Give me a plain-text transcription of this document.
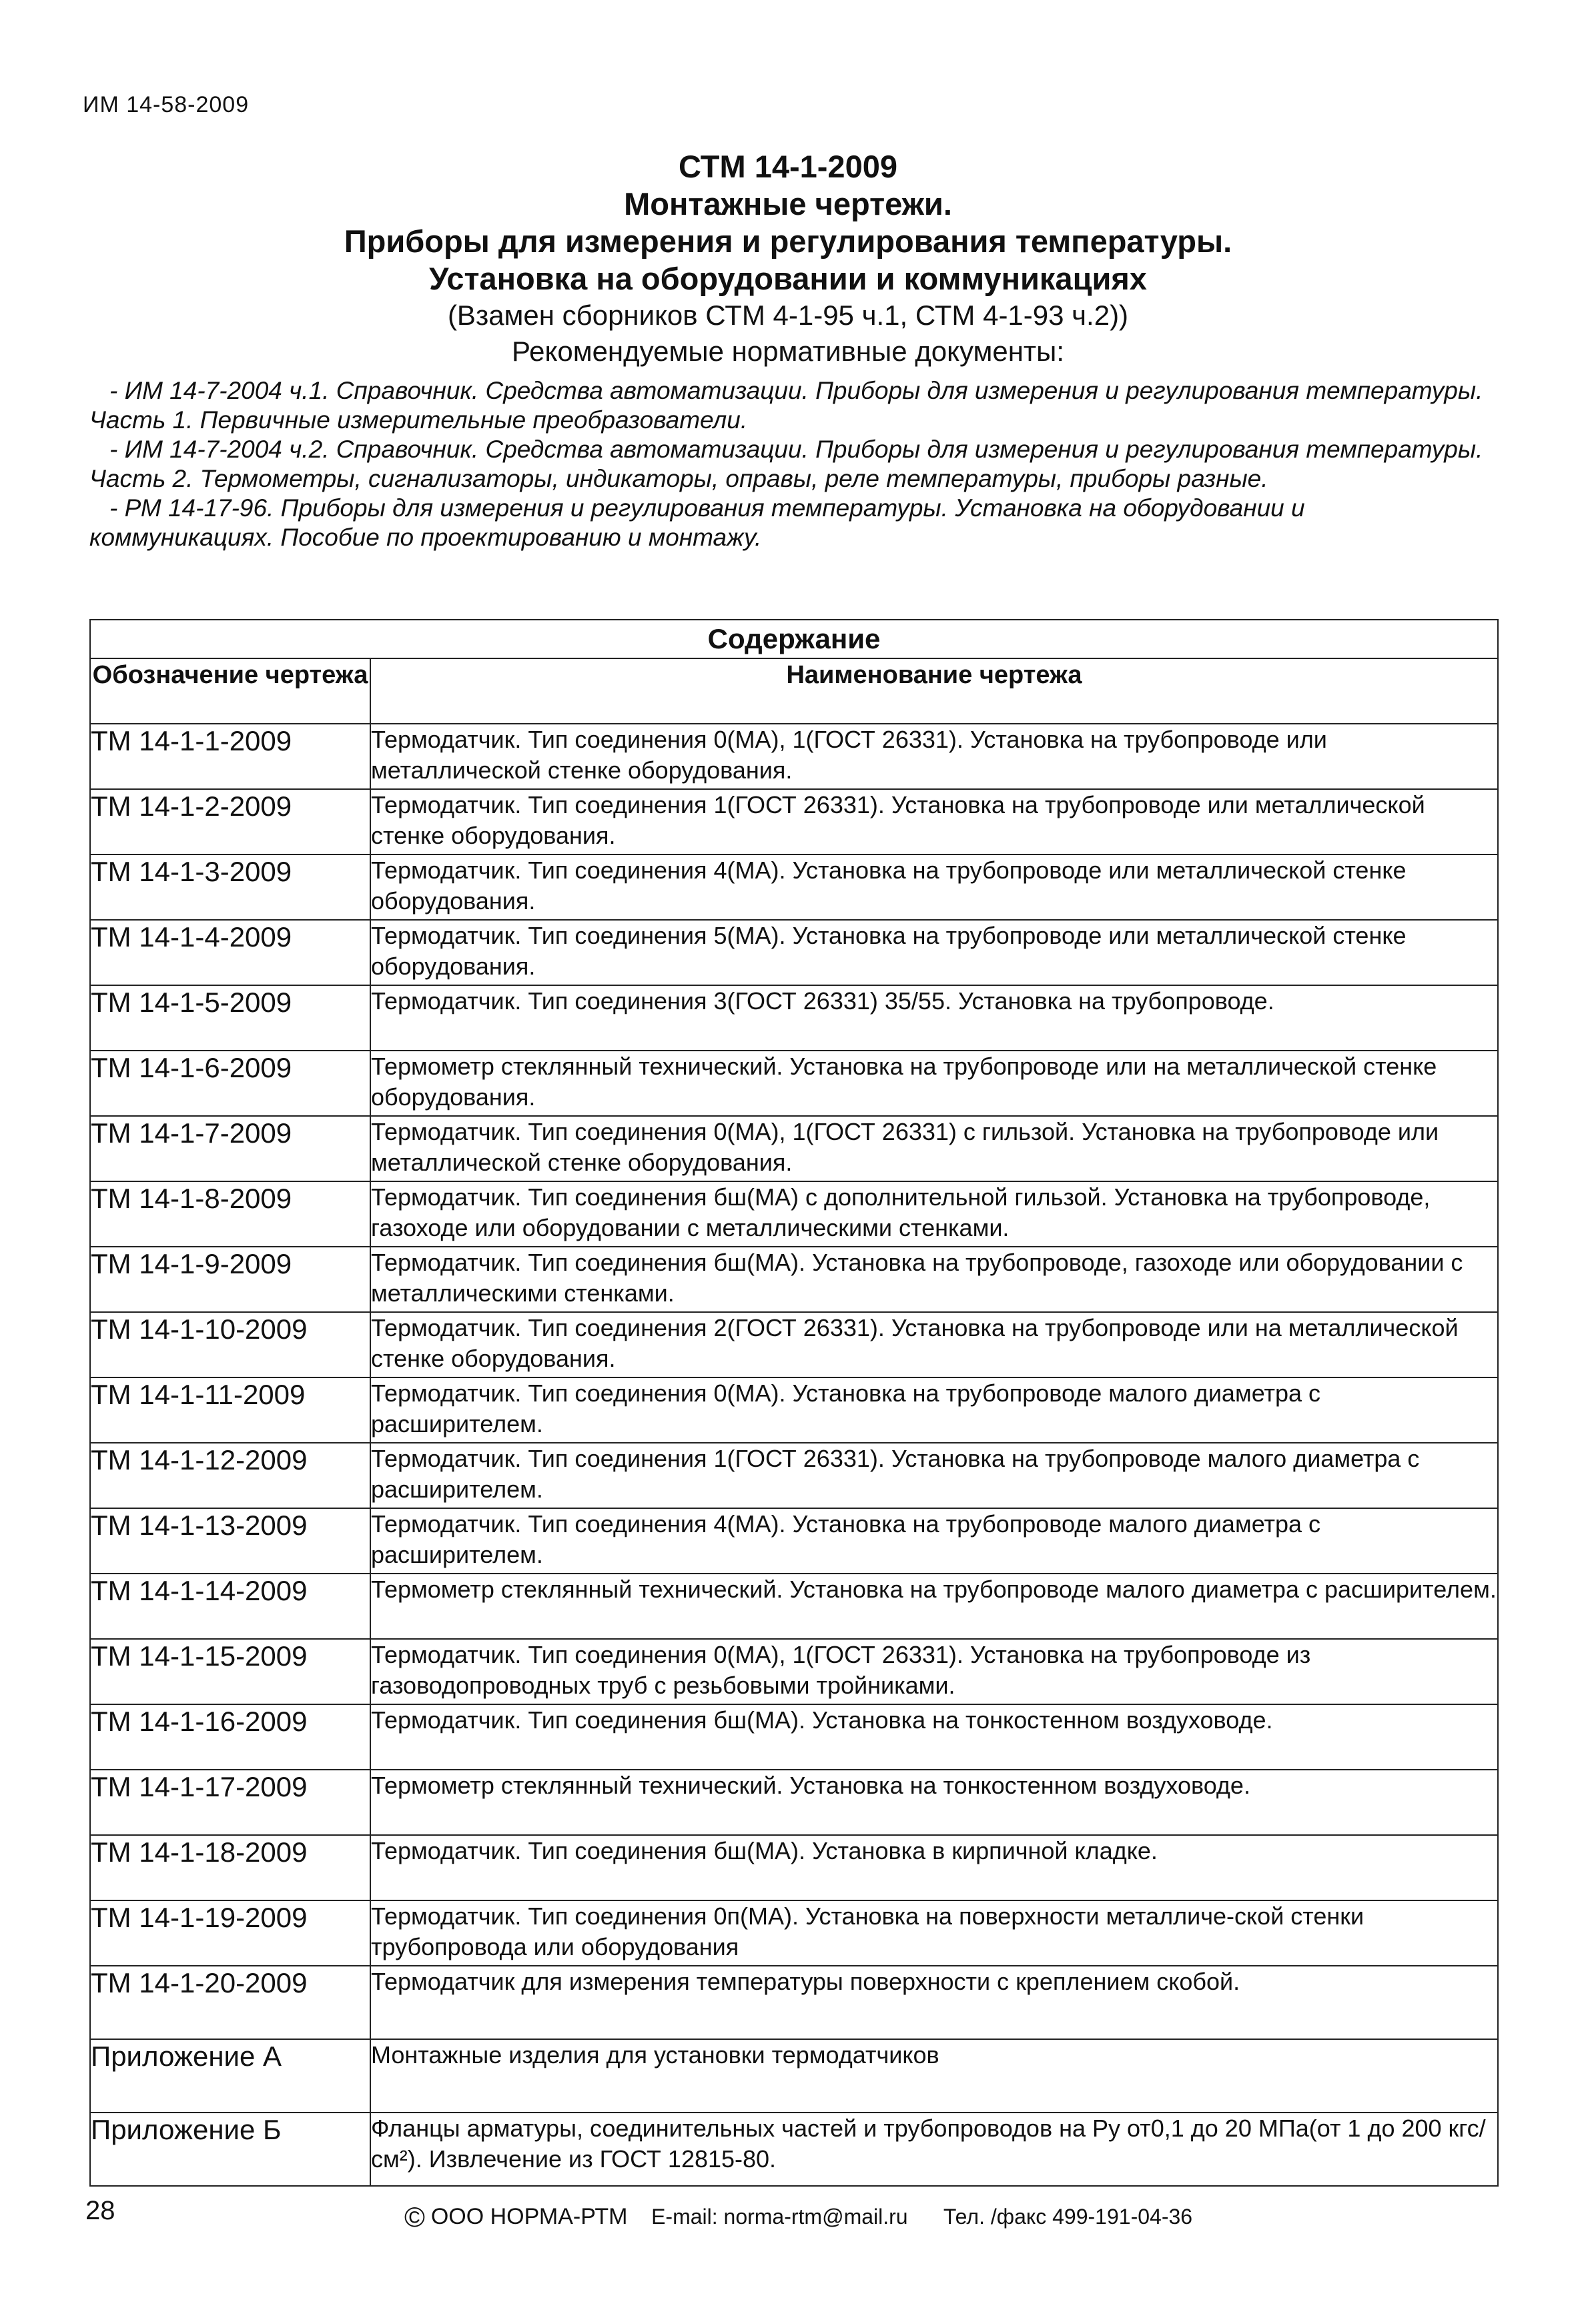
ИМ 14-58-2009

СТМ 14-1-2009

Монтажные чертежи.

Приборы для измерения и регулирования температуры.

Установка на оборудовании и коммуникациях

(Взамен сборников СТМ 4-1-95 ч.1, СТМ 4-1-93 ч.2))

Рекомендуемые нормативные документы:

- ИМ 14-7-2004 ч.1. Справочник. Средства автоматизации. Приборы для измерения и регулирования температуры. Часть 1. Первичные измерительные преобразователи.

- ИМ 14-7-2004 ч.2. Справочник. Средства автоматизации. Приборы для измерения и регулирования температуры. Часть 2. Термометры, сигнализаторы, индикаторы, оправы, реле температуры, приборы разные.

- РМ 14-17-96. Приборы для измерения и регулирования температуры. Установка на оборудовании и коммуникациях. Пособие по проектированию и монтажу.

Содержание	
Обозначение чертежа	Наименование чертежа
ТМ 14-1-1-2009	Термодатчик. Тип соединения 0(МА), 1(ГОСТ 26331). Установка на трубопроводе или металлической стенке оборудования.
ТМ 14-1-2-2009	Термодатчик. Тип соединения 1(ГОСТ 26331). Установка на трубопроводе или металлической стенке оборудования.
ТМ 14-1-3-2009	Термодатчик. Тип соединения 4(МА). Установка на трубопроводе или металлической стенке оборудования.
ТМ 14-1-4-2009	Термодатчик. Тип соединения 5(МА). Установка на трубопроводе или металлической стенке оборудования.
ТМ 14-1-5-2009	Термодатчик. Тип соединения 3(ГОСТ 26331) 35/55. Установка на трубопроводе.
ТМ 14-1-6-2009	Термометр стеклянный технический. Установка на трубопроводе или на металлической стенке оборудования.
ТМ 14-1-7-2009	Термодатчик. Тип соединения 0(МА), 1(ГОСТ 26331) с гильзой. Установка на трубопроводе или металлической стенке оборудования.
ТМ 14-1-8-2009	Термодатчик. Тип соединения бш(МА) с дополнительной гильзой. Установка на трубопроводе, газоходе или оборудовании с металлическими стенками.
ТМ 14-1-9-2009	Термодатчик. Тип соединения бш(МА). Установка на трубопроводе, газоходе или оборудовании с металлическими стенками.
ТМ 14-1-10-2009	Термодатчик. Тип соединения 2(ГОСТ 26331). Установка на трубопроводе или на металлической стенке оборудования.
ТМ 14-1-11-2009	Термодатчик. Тип соединения 0(МА). Установка на трубопроводе малого диаметра с расширителем.
ТМ 14-1-12-2009	Термодатчик. Тип соединения 1(ГОСТ 26331). Установка на трубопроводе малого диаметра с расширителем.
ТМ 14-1-13-2009	Термодатчик. Тип соединения 4(МА). Установка на трубопроводе малого диаметра с расширителем.
ТМ 14-1-14-2009	Термометр стеклянный технический. Установка на трубопроводе малого диаметра с расширителем.
ТМ 14-1-15-2009	Термодатчик. Тип соединения 0(МА), 1(ГОСТ 26331). Установка на трубопроводе из газоводопроводных труб с резьбовыми тройниками.
ТМ 14-1-16-2009	Термодатчик. Тип соединения бш(МА). Установка на тонкостенном воздуховоде.
ТМ 14-1-17-2009	Термометр стеклянный технический. Установка на тонкостенном воздуховоде.
ТМ 14-1-18-2009	Термодатчик. Тип соединения бш(МА). Установка в кирпичной кладке.
ТМ 14-1-19-2009	Термодатчик. Тип соединения 0п(МА). Установка на поверхности металличе-ской стенки трубопровода или оборудования
ТМ 14-1-20-2009	Термодатчик для измерения температуры поверхности с креплением скобой.
Приложение А	Монтажные изделия для установки термодатчиков
Приложение Б	Фланцы арматуры, соединительных частей и трубопроводов на Ру от0,1 до 20 МПа(от 1 до 200 кгс/см²). Извлечение из ГОСТ 12815-80.
28	© ООО НОРМА-РТМ E-mail: norma-rtm@mail.ru Тел. /факс 499-191-04-36
